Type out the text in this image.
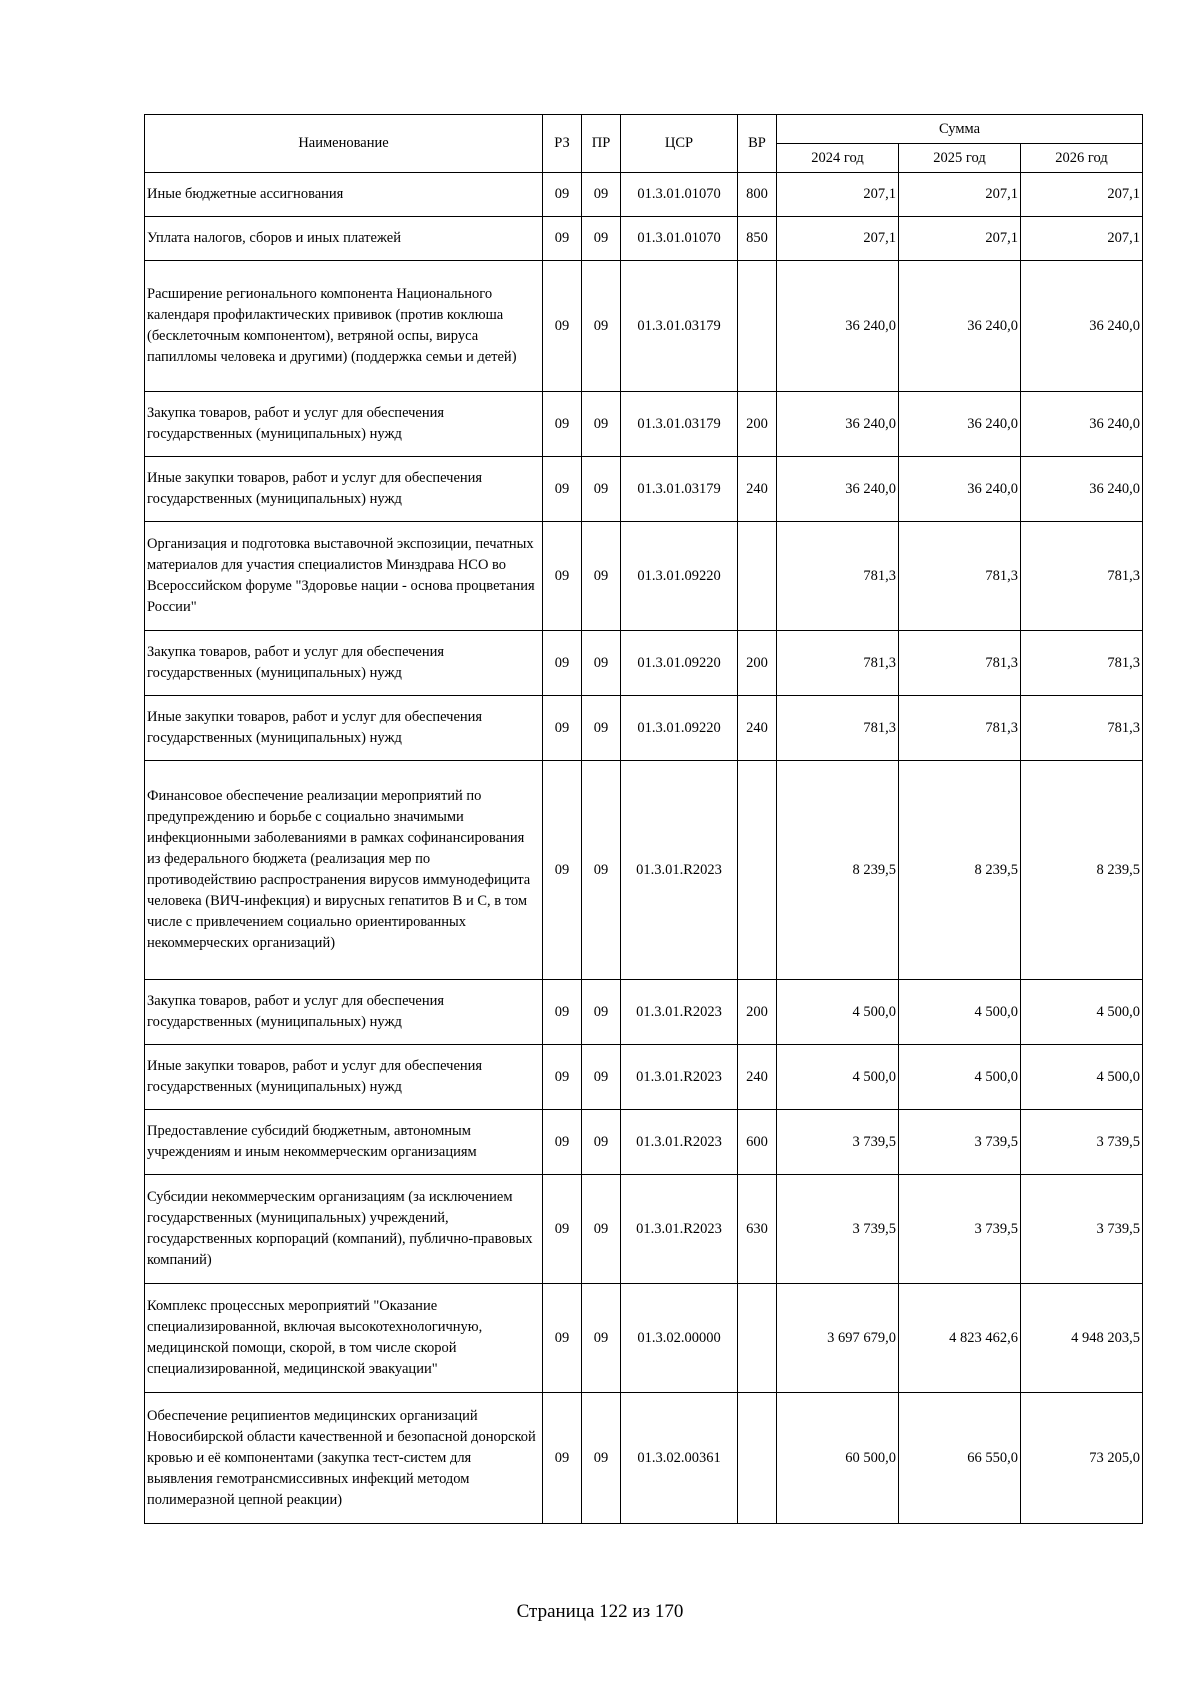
Наименование	РЗ	ПР	ЦСР	ВР	Сумма		
					2024 год	2025 год	2026 год
Иные бюджетные ассигнования	09	09	01.3.01.01070	800	207,1	207,1	207,1
Уплата налогов, сборов и иных платежей	09	09	01.3.01.01070	850	207,1	207,1	207,1
Расширение регионального компонента Национального календаря профилактических прививок (против коклюша (бесклеточным компонентом), ветряной оспы, вируса папилломы человека и другими) (поддержка семьи и детей)	09	09	01.3.01.03179		36 240,0	36 240,0	36 240,0
Закупка товаров, работ и услуг для обеспечения государственных (муниципальных) нужд	09	09	01.3.01.03179	200	36 240,0	36 240,0	36 240,0
Иные закупки товаров, работ и услуг для обеспечения государственных (муниципальных) нужд	09	09	01.3.01.03179	240	36 240,0	36 240,0	36 240,0
Организация и подготовка выставочной экспозиции, печатных материалов для участия специалистов Минздрава НСО во Всероссийском форуме "Здоровье нации - основа процветания России"	09	09	01.3.01.09220		781,3	781,3	781,3
Закупка товаров, работ и услуг для обеспечения государственных (муниципальных) нужд	09	09	01.3.01.09220	200	781,3	781,3	781,3
Иные закупки товаров, работ и услуг для обеспечения государственных (муниципальных) нужд	09	09	01.3.01.09220	240	781,3	781,3	781,3
Финансовое обеспечение реализации мероприятий по предупреждению и борьбе с социально значимыми инфекционными заболеваниями в рамках софинансирования из федерального бюджета (реализация мер по противодействию распространения вирусов иммунодефицита человека (ВИЧ-инфекция) и вирусных гепатитов В и С, в том числе с привлечением социально ориентированных некоммерческих организаций)	09	09	01.3.01.R2023		8 239,5	8 239,5	8 239,5
Закупка товаров, работ и услуг для обеспечения государственных (муниципальных) нужд	09	09	01.3.01.R2023	200	4 500,0	4 500,0	4 500,0
Иные закупки товаров, работ и услуг для обеспечения государственных (муниципальных) нужд	09	09	01.3.01.R2023	240	4 500,0	4 500,0	4 500,0
Предоставление субсидий бюджетным, автономным учреждениям и иным некоммерческим организациям	09	09	01.3.01.R2023	600	3 739,5	3 739,5	3 739,5
Субсидии некоммерческим организациям (за исключением государственных (муниципальных) учреждений, государственных корпораций (компаний), публично-правовых компаний)	09	09	01.3.01.R2023	630	3 739,5	3 739,5	3 739,5
Комплекс процессных мероприятий "Оказание специализированной, включая высокотехнологичную, медицинской помощи, скорой, в том числе скорой специализированной, медицинской эвакуации"	09	09	01.3.02.00000		3 697 679,0	4 823 462,6	4 948 203,5
Обеспечение реципиентов медицинских организаций Новосибирской области качественной и безопасной донорской кровью и её компонентами (закупка тест-систем для выявления гемотрансмиссивных инфекций методом полимеразной цепной реакции)	09	09	01.3.02.00361		60 500,0	66 550,0	73 205,0
Страница 122 из 170
